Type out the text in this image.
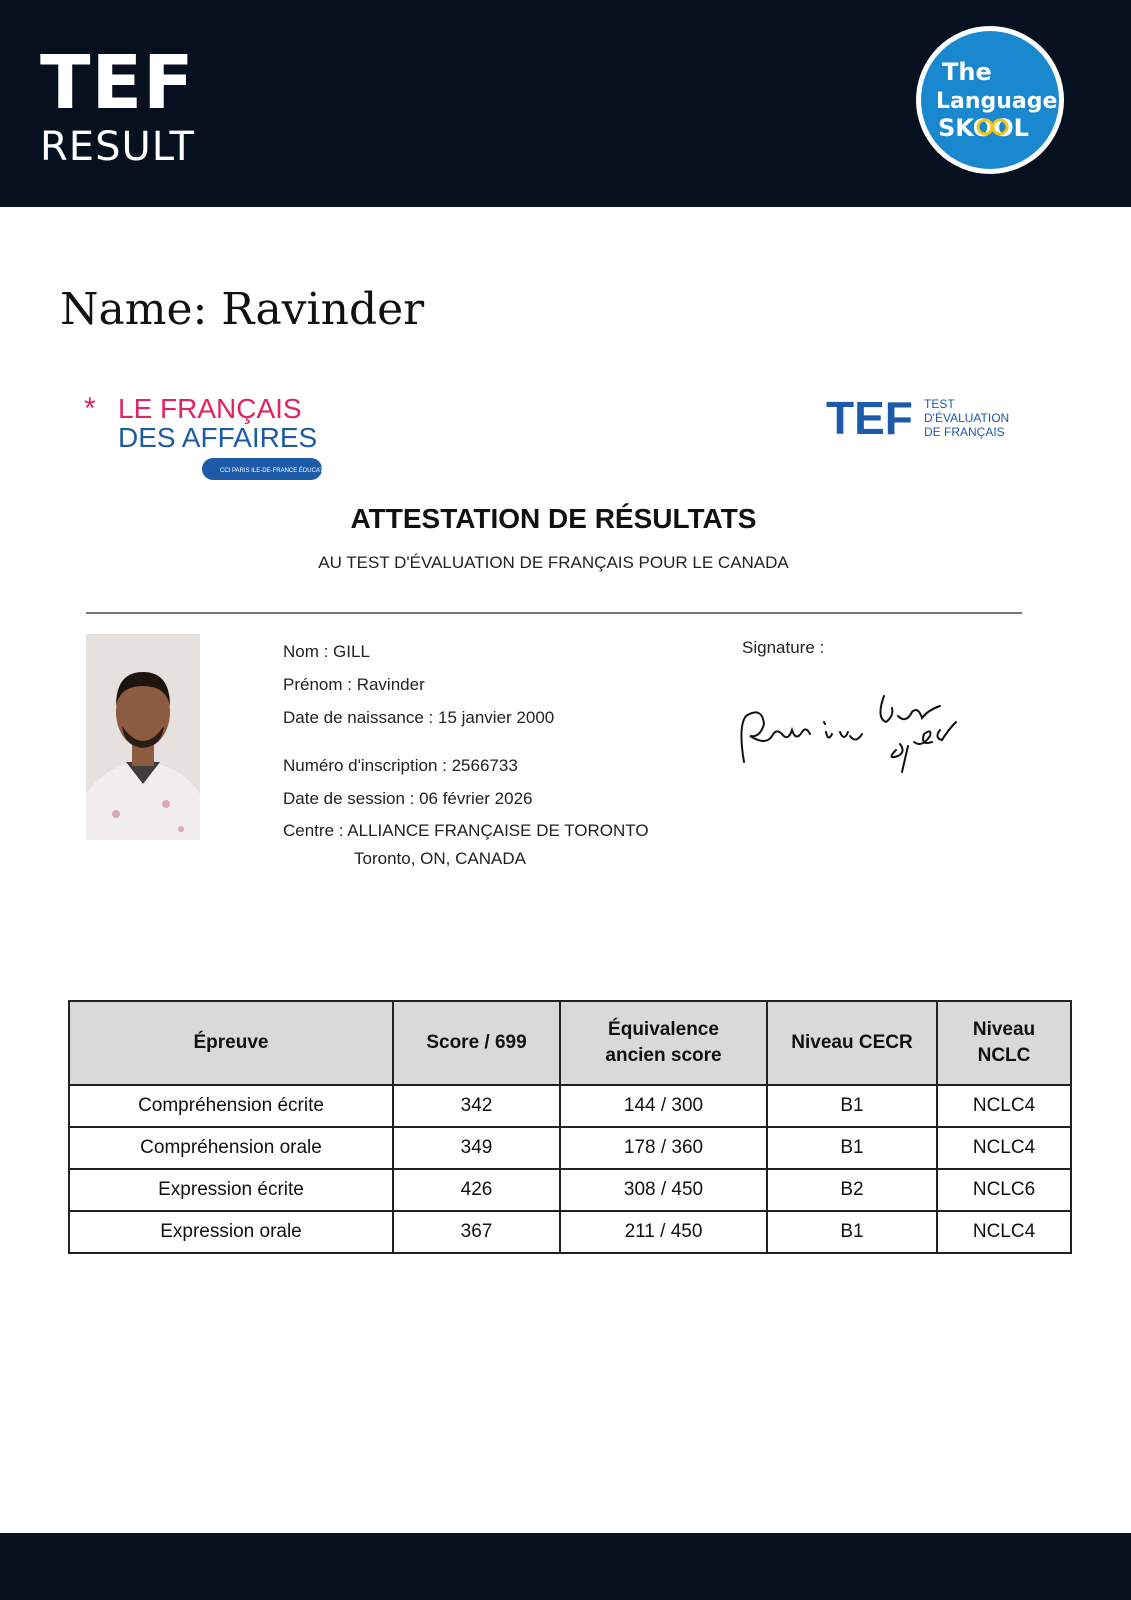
TEF
RESULT
The
Language
SKOOL
Name: Ravinder
* LE FRANÇAIS
DES AFFAIRES
CCI PARIS ILE-DE-FRANCE ÉDUCATION
TEF TEST
D'ÉVALUATION
DE FRANÇAIS
ATTESTATION DE RÉSULTATS
AU TEST D'ÉVALUATION DE FRANÇAIS POUR LE CANADA
Nom : GILL
Prénom : Ravinder
Date de naissance : 15 janvier 2000
Numéro d'inscription : 2566733
Date de session : 06 février 2026
Centre : ALLIANCE FRANÇAISE DE TORONTO
Toronto, ON, CANADA
Signature :
Épreuve	Score / 699	Équivalence ancien score	Niveau CECR	Niveau NCLC
Compréhension écrite	342	144 / 300	B1	NCLC4
Compréhension orale	349	178 / 360	B1	NCLC4
Expression écrite	426	308 / 450	B2	NCLC6
Expression orale	367	211 / 450	B1	NCLC4
